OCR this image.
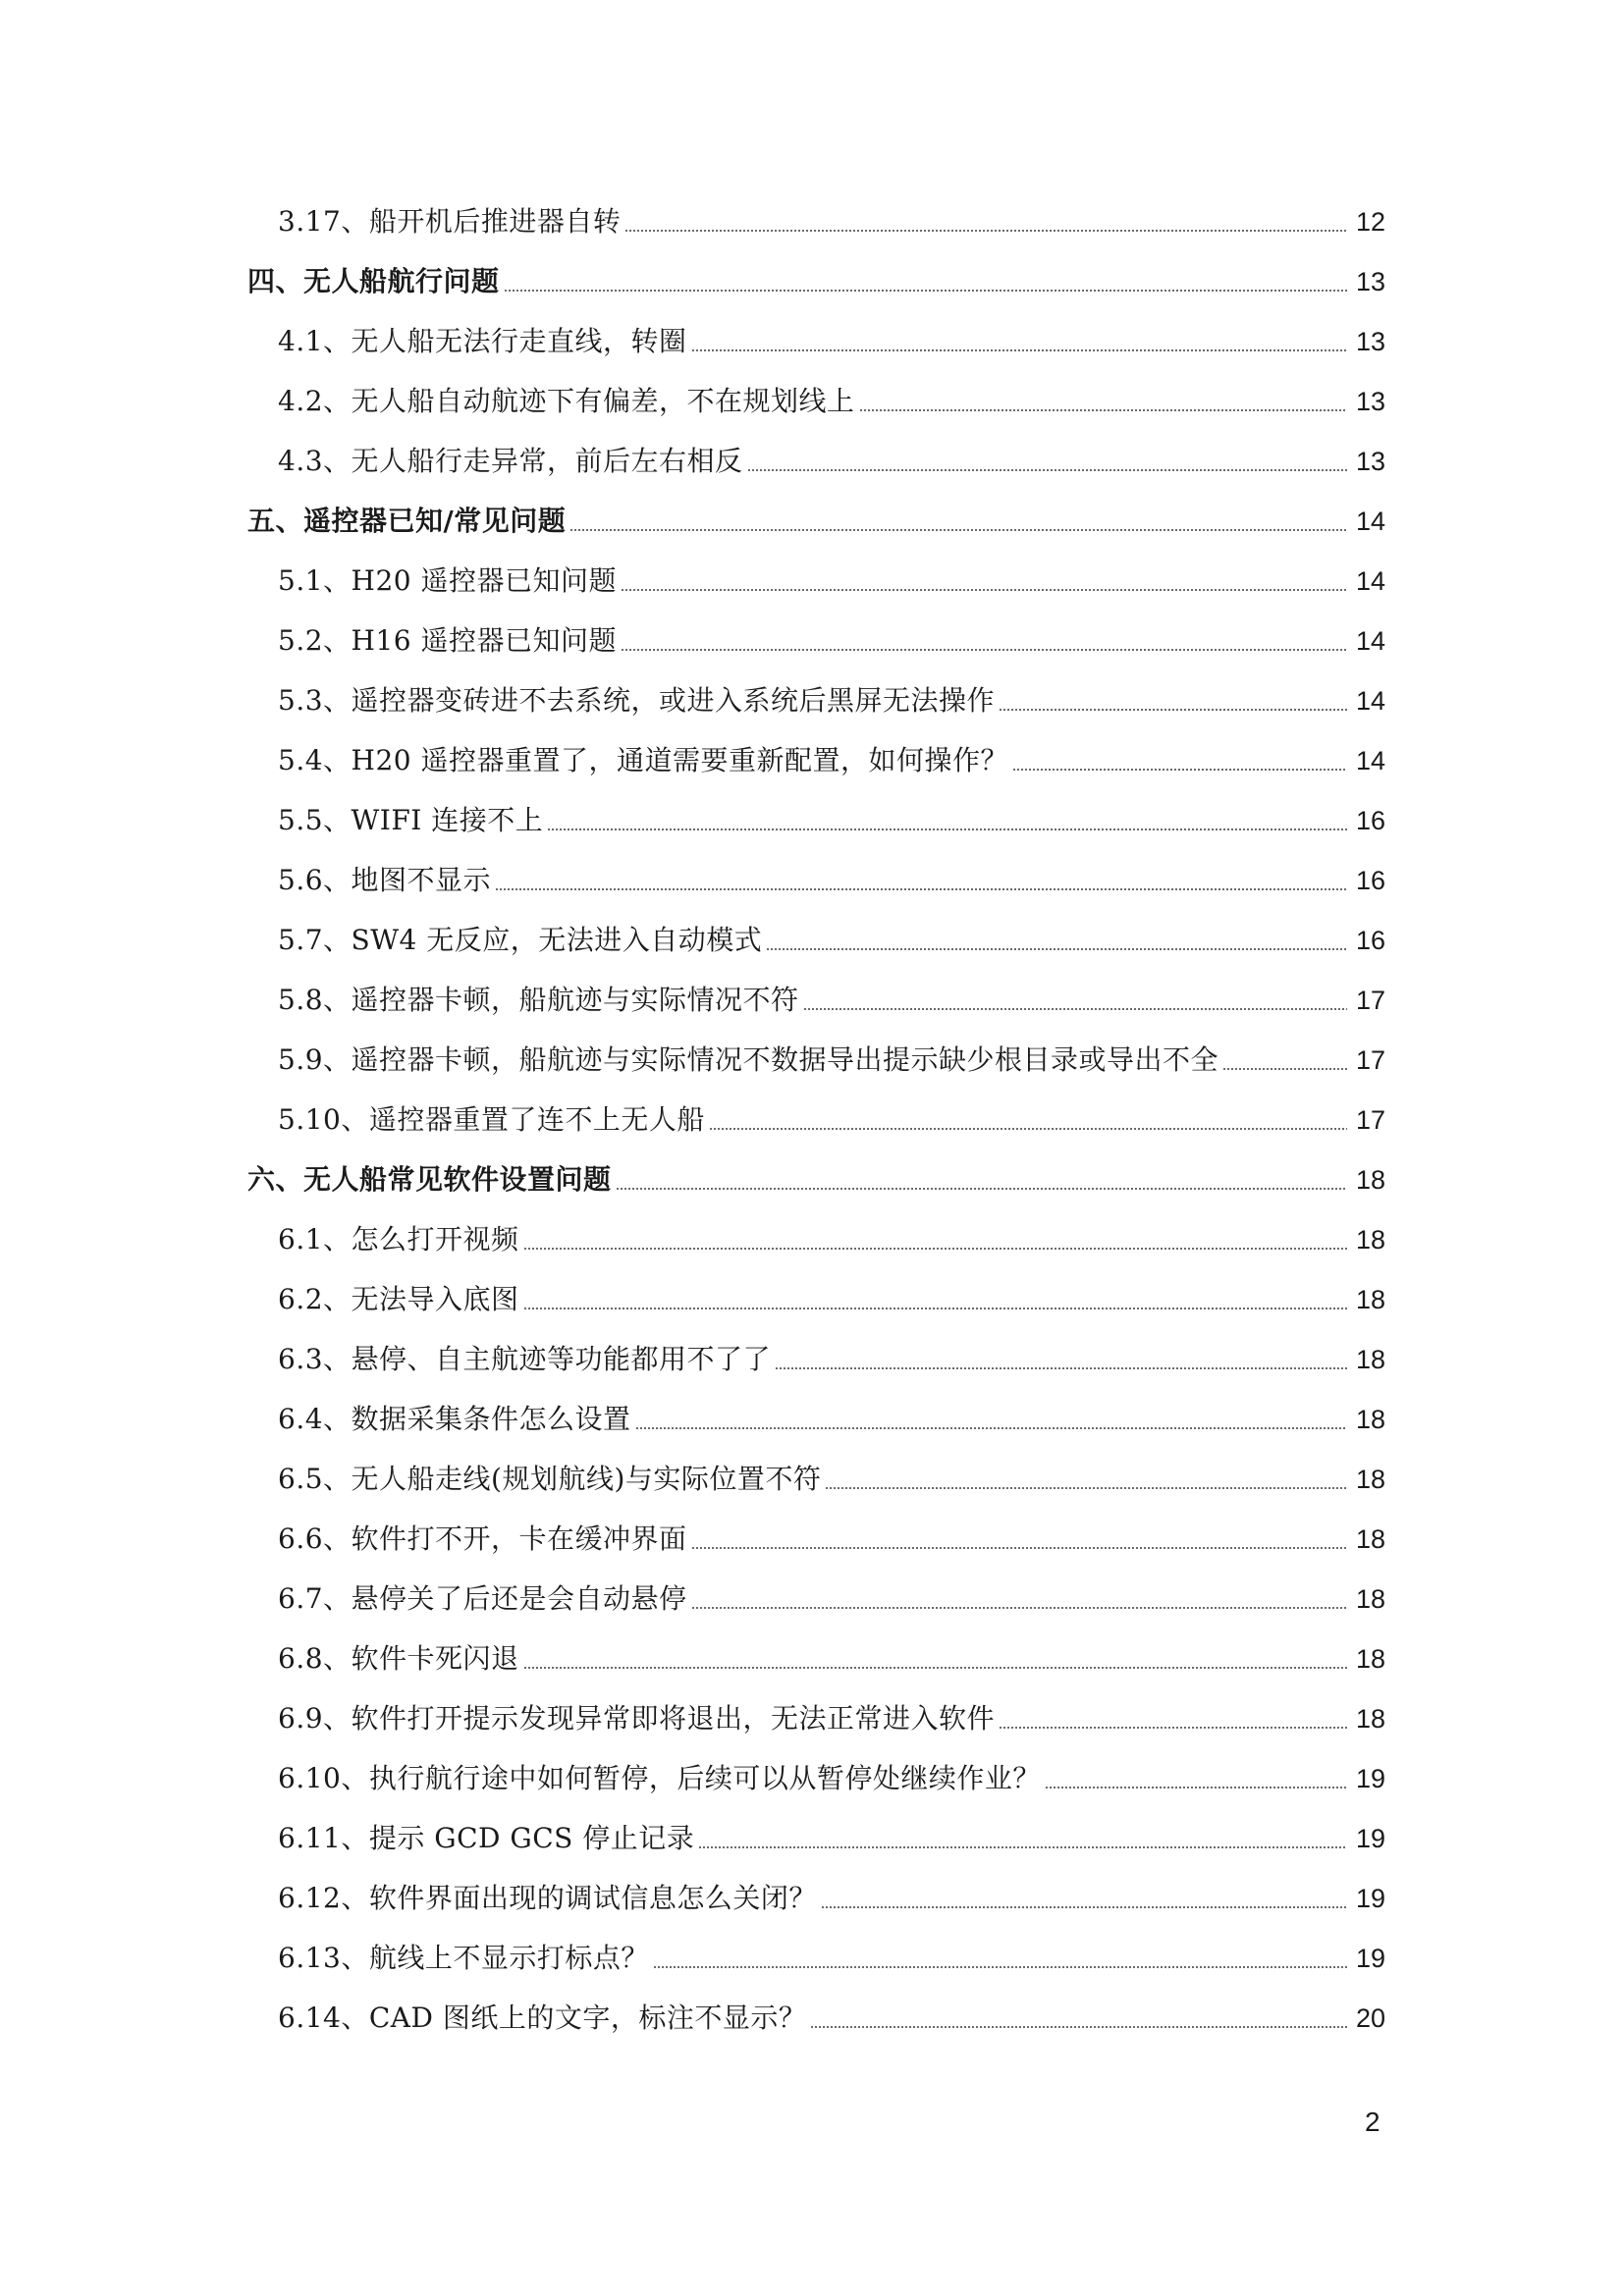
3.17、船开机后推进器自转	12
四、无人船航行问题	13
4.1、无人船无法行走直线，转圈	13
4.2、无人船自动航迹下有偏差，不在规划线上	13
4.3、无人船行走异常，前后左右相反	13
五、遥控器已知/常见问题	14
5.1、H20 遥控器已知问题	14
5.2、H16 遥控器已知问题	14
5.3、遥控器变砖进不去系统，或进入系统后黑屏无法操作	14
5.4、H20 遥控器重置了，通道需要重新配置，如何操作？	14
5.5、WIFI 连接不上	16
5.6、地图不显示	16
5.7、SW4 无反应，无法进入自动模式	16
5.8、遥控器卡顿，船航迹与实际情况不符	17
5.9、遥控器卡顿，船航迹与实际情况不数据导出提示缺少根目录或导出不全	17
5.10、遥控器重置了连不上无人船	17
六、无人船常见软件设置问题	18
6.1、怎么打开视频	18
6.2、无法导入底图	18
6.3、悬停、自主航迹等功能都用不了了	18
6.4、数据采集条件怎么设置	18
6.5、无人船走线(规划航线)与实际位置不符	18
6.6、软件打不开，卡在缓冲界面	18
6.7、悬停关了后还是会自动悬停	18
6.8、软件卡死闪退	18
6.9、软件打开提示发现异常即将退出，无法正常进入软件	18
6.10、执行航行途中如何暂停，后续可以从暂停处继续作业？	19
6.11、提示 GCD GCS 停止记录	19
6.12、软件界面出现的调试信息怎么关闭？	19
6.13、航线上不显示打标点？	19
6.14、CAD 图纸上的文字，标注不显示？	20
2
